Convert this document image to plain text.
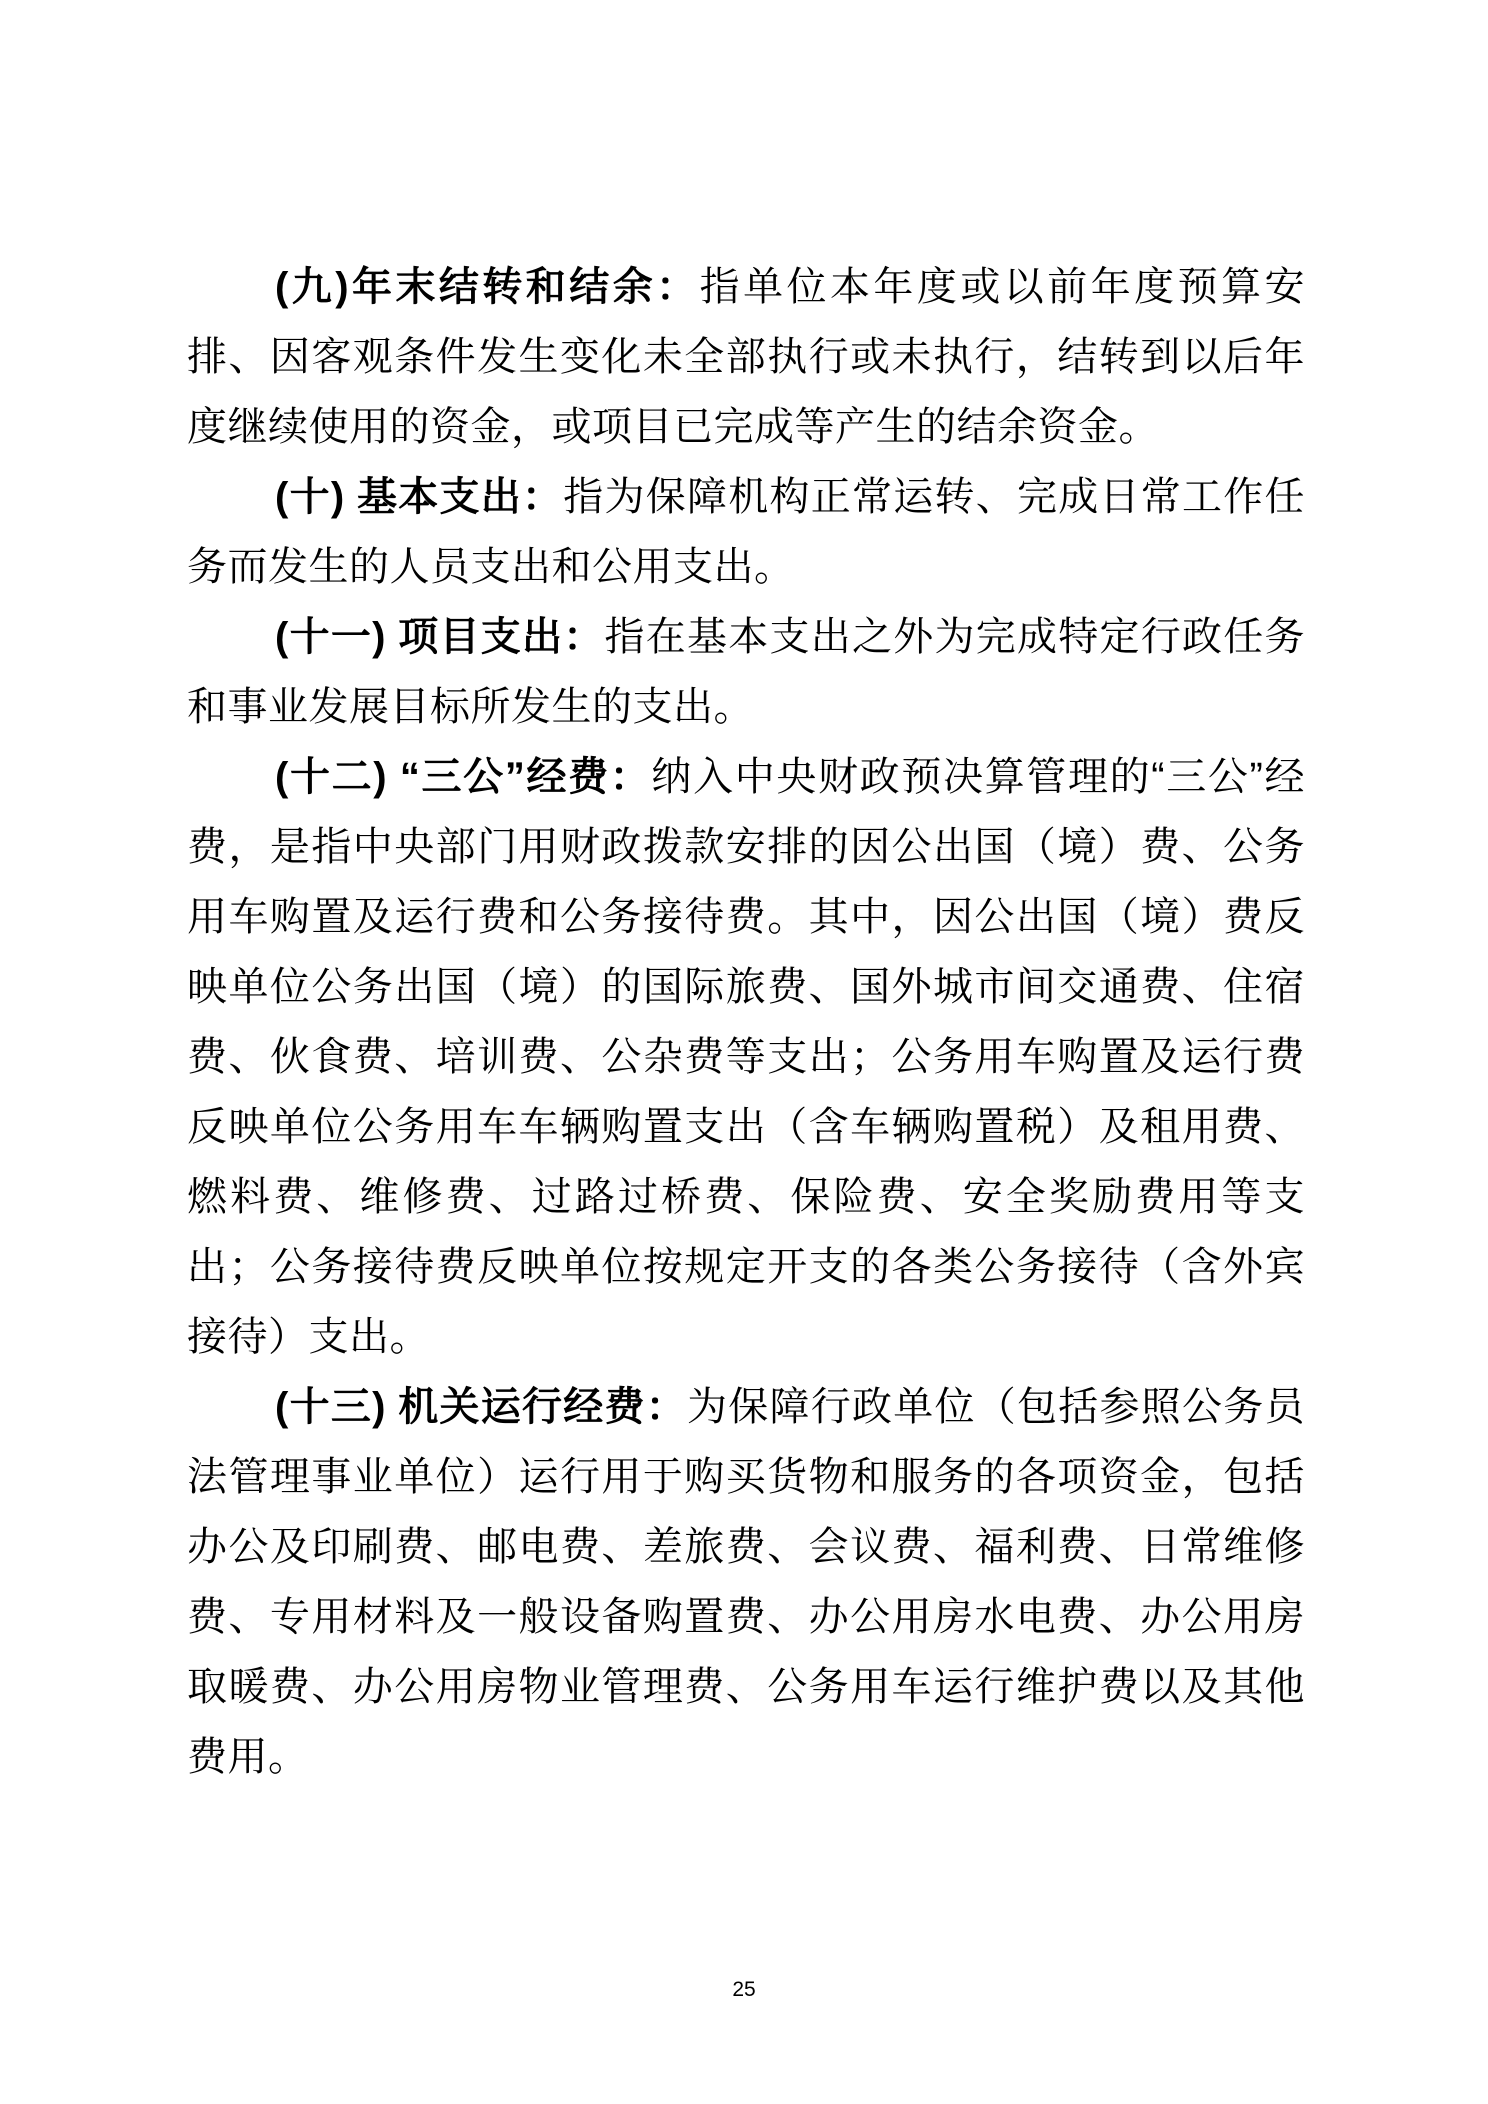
(九)年末结转和结余：指单位本年度或以前年度预算安排、因客观条件发生变化未全部执行或未执行，结转到以后年度继续使用的资金，或项目已完成等产生的结余资金。

(十) 基本支出：指为保障机构正常运转、完成日常工作任务而发生的人员支出和公用支出。

(十一) 项目支出：指在基本支出之外为完成特定行政任务和事业发展目标所发生的支出。

(十二) “三公”经费：纳入中央财政预决算管理的“三公”经费，是指中央部门用财政拨款安排的因公出国（境）费、公务用车购置及运行费和公务接待费。其中，因公出国（境）费反映单位公务出国（境）的国际旅费、国外城市间交通费、住宿费、伙食费、培训费、公杂费等支出；公务用车购置及运行费反映单位公务用车车辆购置支出（含车辆购置税）及租用费、燃料费、维修费、过路过桥费、保险费、安全奖励费用等支出；公务接待费反映单位按规定开支的各类公务接待（含外宾接待）支出。

(十三) 机关运行经费：为保障行政单位（包括参照公务员法管理事业单位）运行用于购买货物和服务的各项资金，包括办公及印刷费、邮电费、差旅费、会议费、福利费、日常维修费、专用材料及一般设备购置费、办公用房水电费、办公用房取暖费、办公用房物业管理费、公务用车运行维护费以及其他费用。

25
